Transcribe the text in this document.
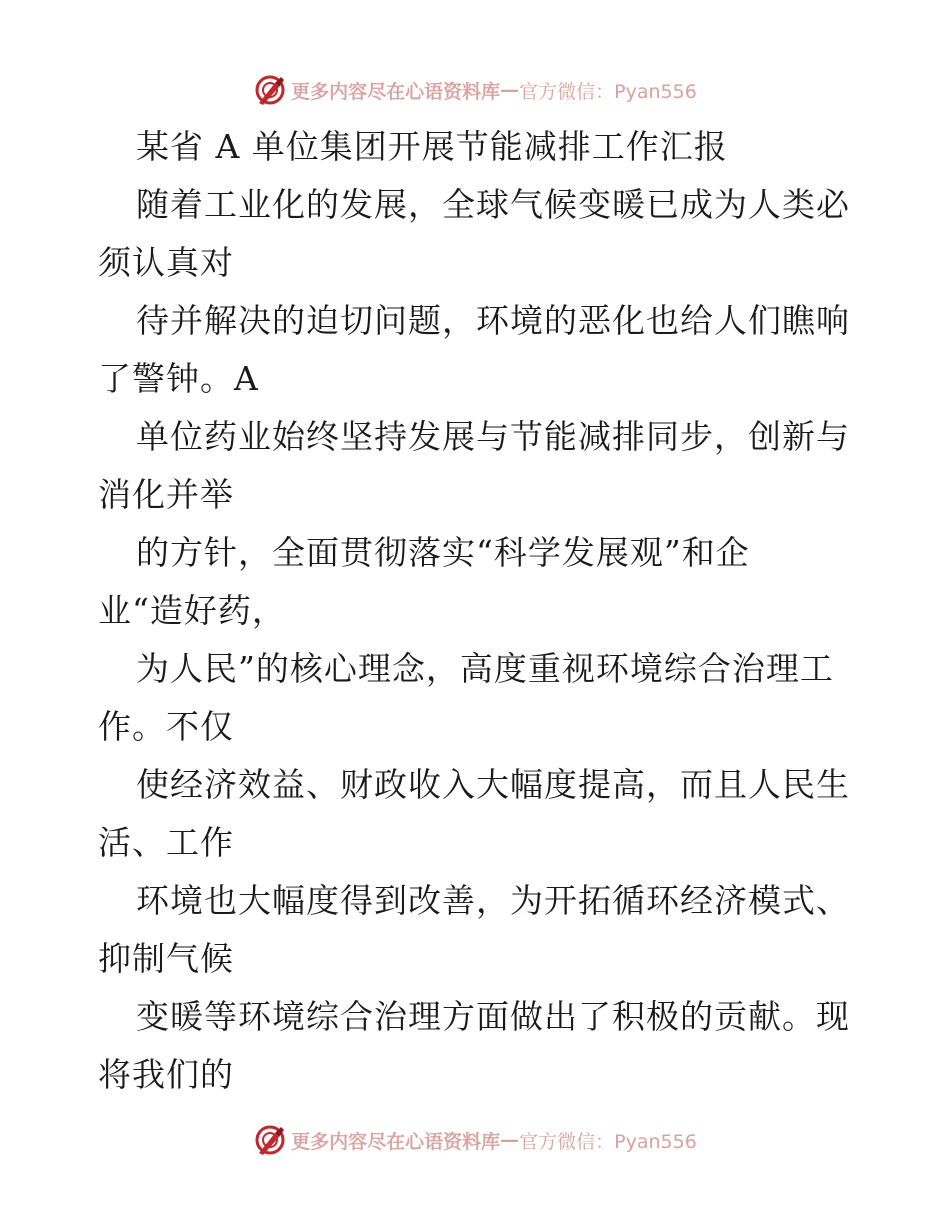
更多内容尽在心语资料库 — 官方微信：Pyan556
某省 A 单位集团开展节能减排工作汇报
随着工业化的发展，全球气候变暖已成为人类必
须认真对
待并解决的迫切问题，环境的恶化也给人们瞧响
了警钟。A
单位药业始终坚持发展与节能减排同步，创新与
消化并举
的方针，全面贯彻落实“科学发展观”和企
业“造好药，
为人民”的核心理念，高度重视环境综合治理工
作。不仅
使经济效益、财政收入大幅度提高，而且人民生
活、工作
环境也大幅度得到改善，为开拓循环经济模式、
抑制气候
变暖等环境综合治理方面做出了积极的贡献。现
将我们的
更多内容尽在心语资料库 — 官方微信：Pyan556
